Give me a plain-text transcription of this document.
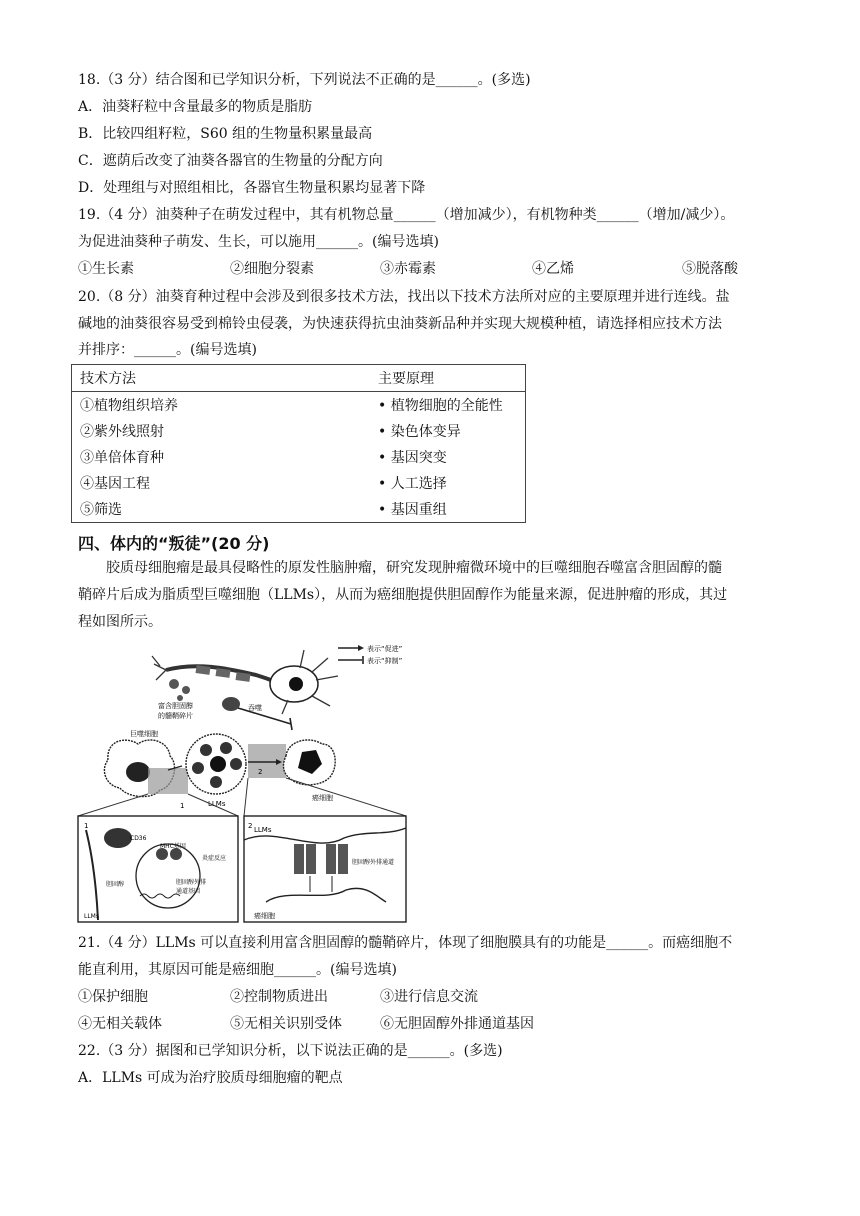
18.（3 分）结合图和已学知识分析，下列说法不正确的是______。(多选)
A．油葵籽粒中含量最多的物质是脂肪
B．比较四组籽粒，S60 组的生物量积累量最高
C．遮荫后改变了油葵各器官的生物量的分配方向
D．处理组与对照组相比，各器官生物量积累均显著下降
19.（4 分）油葵种子在萌发过程中，其有机物总量______（增加减少），有机物种类______（增加/减少）。
为促进油葵种子萌发、生长，可以施用______。(编号选填)
①生长素	②细胞分裂素	③赤霉素	④乙烯	⑤脱落酸
20.（8 分）油葵育种过程中会涉及到很多技术方法，找出以下技术方法所对应的主要原理并进行连线。盐
碱地的油葵很容易受到棉铃虫侵袭，为快速获得抗虫油葵新品种并实现大规模种植，请选择相应技术方法
并排序：______。(编号选填)
技术方法	主要原理
①植物组织培养	• 植物细胞的全能性
②紫外线照射	• 染色体变异
③单倍体育种	• 基因突变
④基因工程	• 人工选择
⑤筛选	• 基因重组
四、体内的“叛徒”(20 分)
胶质母细胞瘤是最具侵略性的原发性脑肿瘤，研究发现肿瘤微环境中的巨噬细胞吞噬富含胆固醇的髓
鞘碎片后成为脂质型巨噬细胞（LLMs），从而为癌细胞提供胆固醇作为能量来源，促进肿瘤的形成，其过
程如图所示。
表示“促进”
表示“抑制”
富含胆固醇
的髓鞘碎片
吞噬
巨噬细胞
LLMs
1
2
癌细胞
1
CD36
MHC基因
炎症反应
胆固醇	胆固醇外排
通道基因
LLMs
2 LLMs
胆固醇外排通道
癌细胞
21.（4 分）LLMs 可以直接利用富含胆固醇的髓鞘碎片，体现了细胞膜具有的功能是______。而癌细胞不
能直利用，其原因可能是癌细胞______。(编号选填)
①保护细胞	②控制物质进出	③进行信息交流
④无相关载体	⑤无相关识别受体	⑥无胆固醇外排通道基因
22.（3 分）据图和已学知识分析，以下说法正确的是______。(多选)
A．LLMs 可成为治疗胶质母细胞瘤的靶点
